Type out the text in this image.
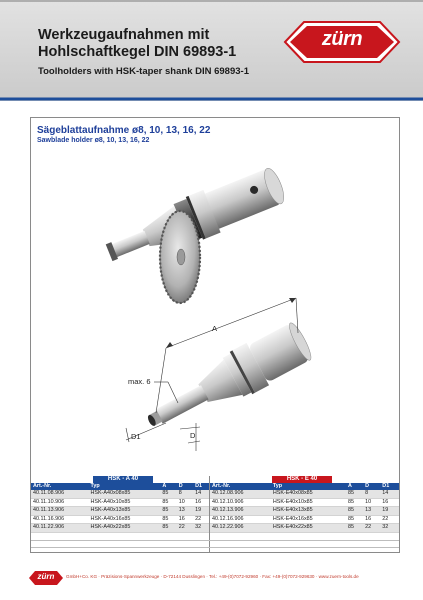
zürn
Werkzeugaufnahmen mit
Hohlschaftkegel DIN 69893-1
Toolholders with HSK-taper shank DIN 69893-1
Sägeblattaufnahme ø8, 10, 13, 16, 22
Sawblade holder ø8, 10, 13, 16, 22
A
max. 6
D1	D
HSK - A 40
Art.-Nr.	Typ	A	D	D1
40.11.08.906	HSK-A40x08x85	85	8	14
40.11.10.906	HSK-A40x10x85	85	10	16
40.11.13.906	HSK-A40x13x85	85	13	19
40.11.16.906	HSK-A40x16x85	85	16	22
40.11.22.906	HSK-A40x22x85	85	22	32
HSK - E 40
Art.-Nr.	Typ	A	D	D1
40.12.08.906	HSK-E40x08x85	85	8	14
40.12.10.906	HSK-E40x10x85	85	10	16
40.12.13.906	HSK-E40x13x85	85	13	19
40.12.16.906	HSK-E40x16x85	85	16	22
40.12.22.906	HSK-E40x22x85	85	22	32
zürn	GmbH+Co. KG · Präzisions-Spannwerkzeuge · D-72144 Dusslingen · Tel.: +49-(0)7072-92960 · Fax: +49-(0)7072-929630 · www.zuern-tools.de
